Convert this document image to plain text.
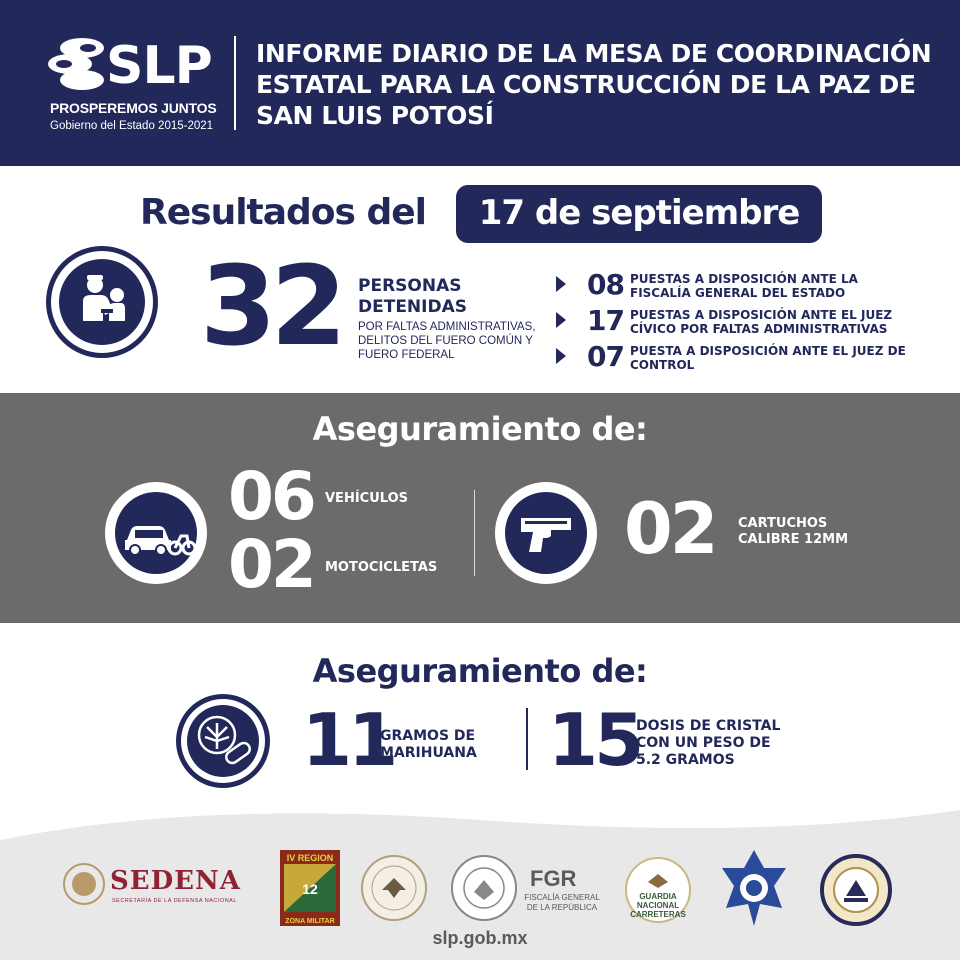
SLP
PROSPEREMOS JUNTOS
Gobierno del Estado 2015-2021
INFORME DIARIO DE LA MESA DE COORDINACIÓN ESTATAL PARA LA CONSTRUCCIÓN DE LA PAZ DE SAN LUIS POTOSÍ
Resultados del	17 de septiembre
32 PERSONAS DETENIDAS
POR FALTAS ADMINISTRATIVAS, DELITOS DEL FUERO COMÚN Y FUERO FEDERAL
08 PUESTAS A DISPOSICIÓN ANTE LA FISCALÍA GENERAL DEL ESTADO
17 PUESTAS A DISPOSICIÓN ANTE EL JUEZ CÍVICO POR FALTAS ADMINISTRATIVAS
07 PUESTA A DISPOSICIÓN ANTE EL JUEZ DE CONTROL
Aseguramiento de:
06 VEHÍCULOS
02 MOTOCICLETAS	02 CARTUCHOS CALIBRE 12MM
Aseguramiento de:
11
GRAMOS DE MARIHUANA 15
DOSIS DE CRISTAL CON UN PESO DE 5.2 GRAMOS
SEDENA
SECRETARÍA DE LA DEFENSA NACIONAL
IV REGION
12
ZONA MILITAR
FGR
FISCALÍA GENERAL DE LA REPÚBLICA
GUARDIA NACIONAL CARRETERAS
slp.gob.mx
